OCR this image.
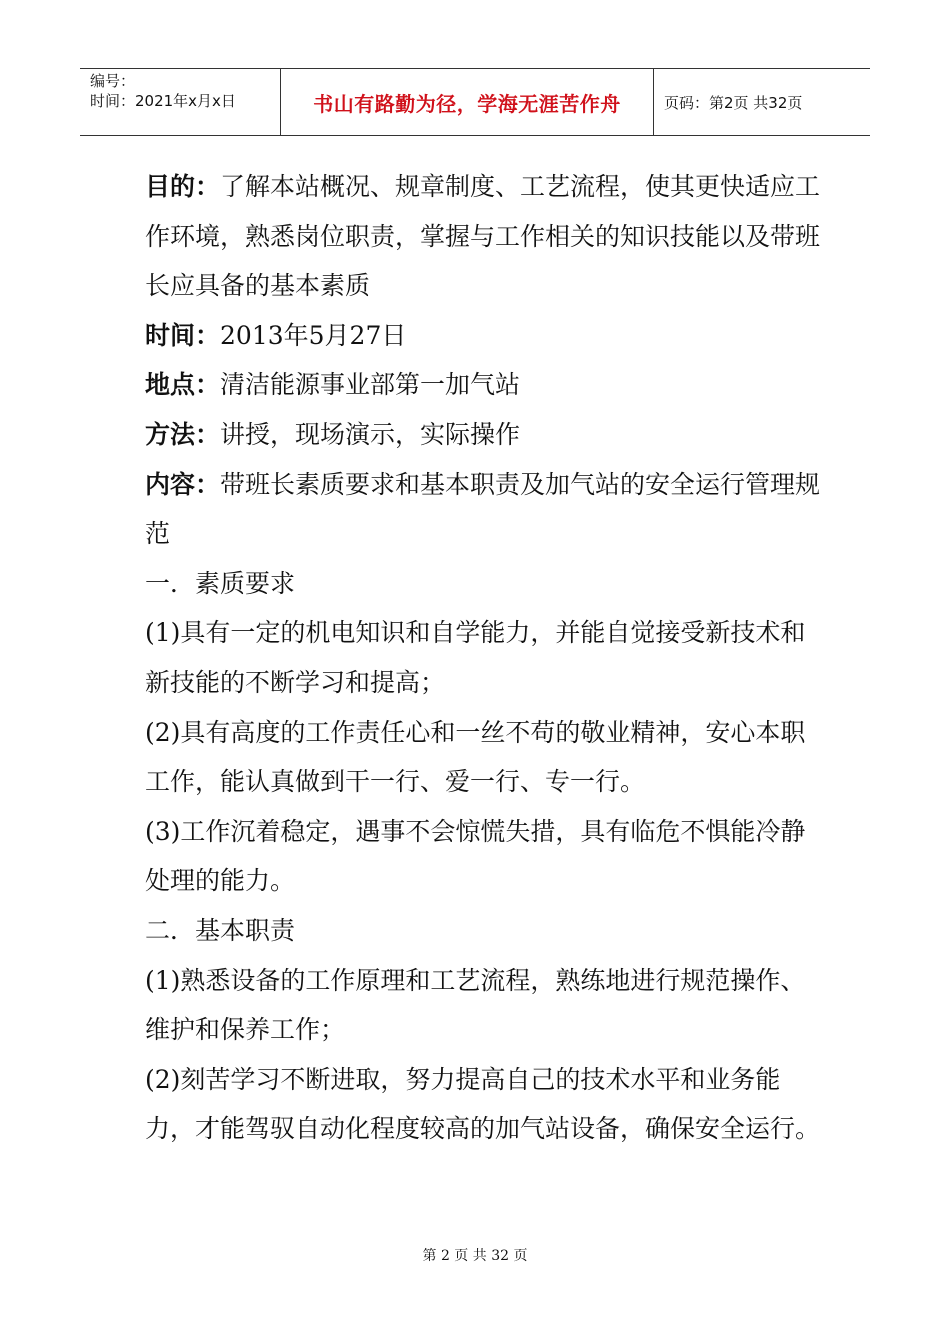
编号：
时间：2021年x月x日	书山有路勤为径，学海无涯苦作舟	页码：第2页 共32页

目的：了解本站概况、规章制度、工艺流程，使其更快适应工作环境，熟悉岗位职责，掌握与工作相关的知识技能以及带班长应具备的基本素质

时间：2013年5月27日

地点：清洁能源事业部第一加气站

方法：讲授，现场演示，实际操作

内容：带班长素质要求和基本职责及加气站的安全运行管理规范

一．素质要求

(1)具有一定的机电知识和自学能力，并能自觉接受新技术和新技能的不断学习和提高；

(2)具有高度的工作责任心和一丝不苟的敬业精神，安心本职工作，能认真做到干一行、爱一行、专一行。

(3)工作沉着稳定，遇事不会惊慌失措，具有临危不惧能冷静处理的能力。

二．基本职责

(1)熟悉设备的工作原理和工艺流程，熟练地进行规范操作、维护和保养工作；

(2)刻苦学习不断进取，努力提高自己的技术水平和业务能力，才能驾驭自动化程度较高的加气站设备，确保安全运行。

第 2 页 共 32 页
